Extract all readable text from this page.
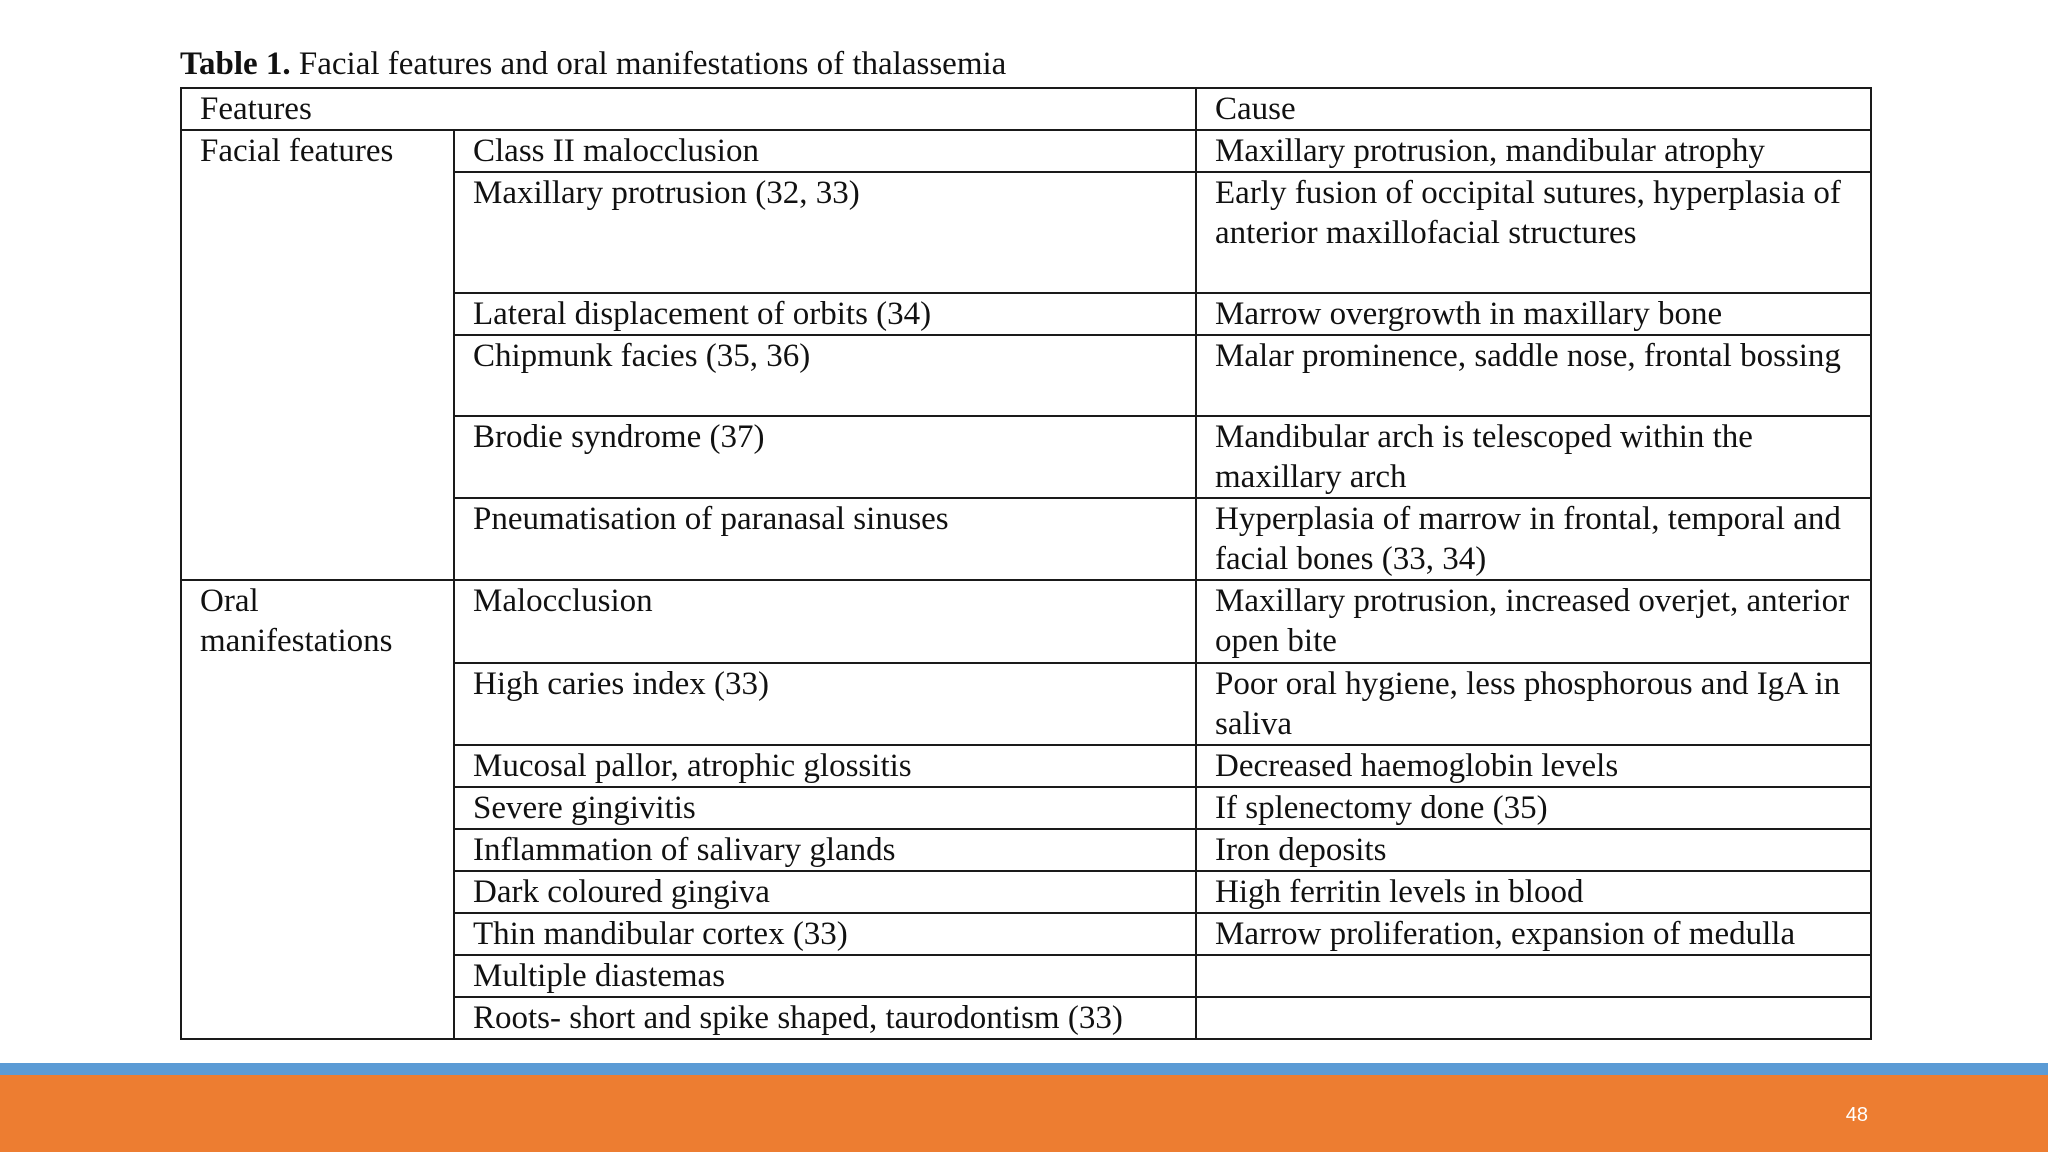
Table 1. Facial features and oral manifestations of thalassemia
Features		Cause
Facial features	Class II malocclusion	Maxillary protrusion, mandibular atrophy
	Maxillary protrusion (32, 33)	Early fusion of occipital sutures, hyperplasia of anterior maxillofacial structures
	Lateral displacement of orbits (34)	Marrow overgrowth in maxillary bone
	Chipmunk facies (35, 36)	Malar prominence, saddle nose, frontal bossing
	Brodie syndrome (37)	Mandibular arch is telescoped within the maxillary arch
	Pneumatisation of paranasal sinuses	Hyperplasia of marrow in frontal, temporal and facial bones (33, 34)
Oral manifestations	Malocclusion	Maxillary protrusion, increased overjet, anterior open bite
	High caries index (33)	Poor oral hygiene, less phosphorous and IgA in saliva
	Mucosal pallor, atrophic glossitis	Decreased haemoglobin levels
	Severe gingivitis	If splenectomy done (35)
	Inflammation of salivary glands	Iron deposits
	Dark coloured gingiva	High ferritin levels in blood
	Thin mandibular cortex (33)	Marrow proliferation, expansion of medulla
	Multiple diastemas	
	Roots- short and spike shaped, taurodontism (33)	
48
